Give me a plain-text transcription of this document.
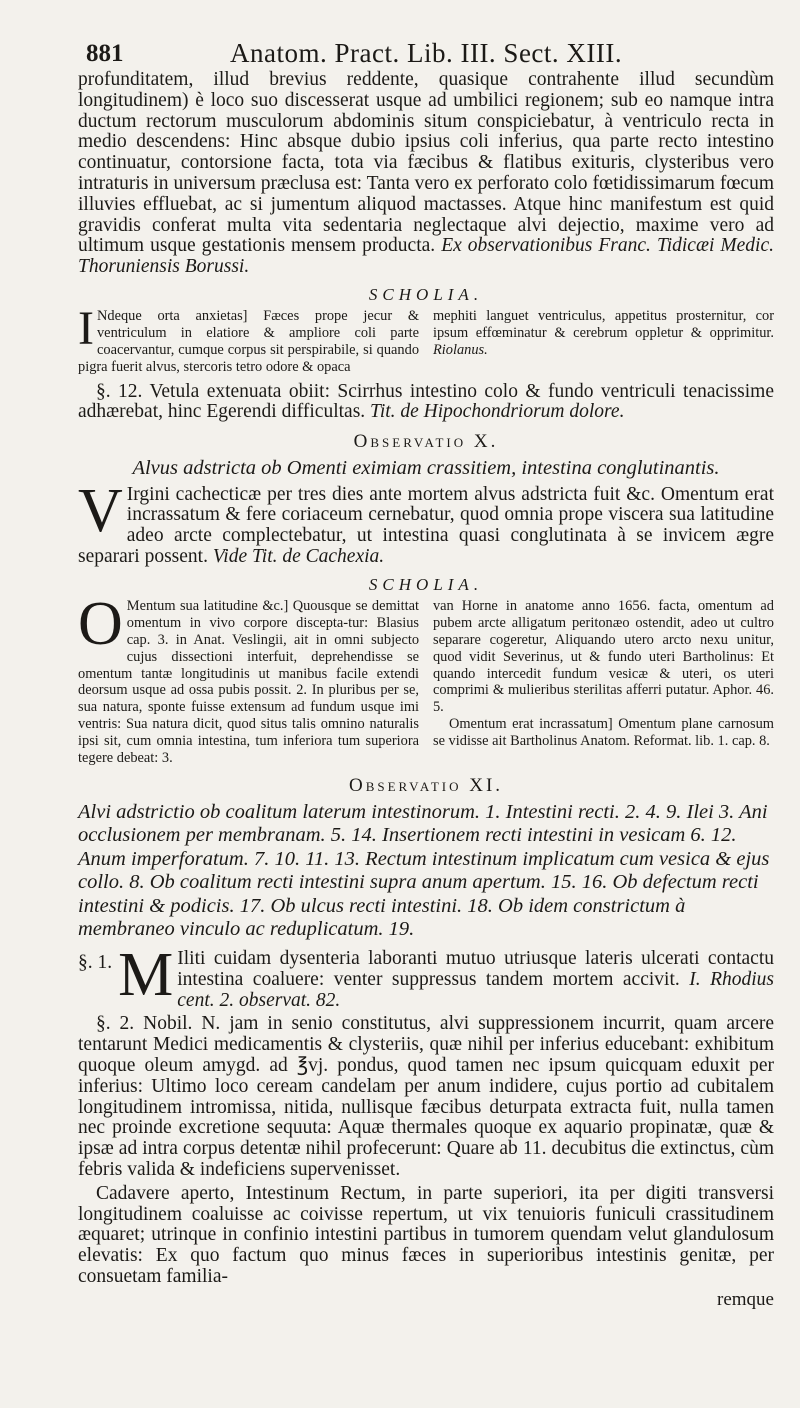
881	Anatom. Pract. Lib. III. Sect. XIII.

profunditatem, illud brevius reddente, quasique contrahente illud secundùm longitudinem) è loco suo discesserat usque ad umbilici regionem; sub eo namque intra ductum rectorum musculorum abdominis situm conspiciebatur, à ventriculo recta in medio descendens: Hinc absque dubio ipsius coli inferius, qua parte recto intestino continuatur, contorsione facta, tota via fæcibus & flatibus exituris, clysteribus vero intraturis in universum præclusa est: Tanta vero ex perforato colo fœtidissimarum fœcum illuvies effluebat, ac si jumentum aliquod mactasses. Atque hinc manifestum est quid gravidis conferat multa vita sedentaria neglectaque alvi dejectio, maxime vero ad ultimum usque gestationis mensem producta. Ex observationibus Franc. Tidicæi Medic. Thoruniensis Borussi.

SCHOLIA.
I Ndeque orta anxietas] Fæces prope jecur & ventriculum in elatiore & ampliore coli parte coacervantur, cumque corpus sit perspirabile, si quando pigra fuerit alvus, stercoris tetro odore & opaca
mephiti languet ventriculus, appetitus prosternitur, cor ipsum effœminatur & cerebrum oppletur & opprimitur. Riolanus.

§. 12. Vetula extenuata obiit: Scirrhus intestino colo & fundo ventriculi tenacissime adhærebat, hinc Egerendi difficultas. Tit. de Hipochondriorum dolore.

Observatio X.
Alvus adstricta ob Omenti eximiam crassitiem, intestina conglutinantis.

V Irgini cachecticæ per tres dies ante mortem alvus adstricta fuit &c. Omentum erat incrassatum & fere coriaceum cernebatur, quod omnia prope viscera sua latitudine adeo arcte complectebatur, ut intestina quasi conglutinata à se invicem ægre separari possent. Vide Tit. de Cachexia.

SCHOLIA.
O Mentum sua latitudine &c.] Quousque se demittat omentum in vivo corpore discepta-tur: Blasius cap. 3. in Anat. Veslingii, ait in omni subjecto cujus dissectioni interfuit, deprehendisse se omentum tantæ longitudinis ut manibus facile extendi deorsum usque ad ossa pubis possit. 2. In pluribus per se, sua natura, sponte fuisse extensum ad fundum usque imi ventris: Sua natura dicit, quod situs talis omnino naturalis ipsi sit, cum omnia intestina, tum inferiora tum superiora tegere debeat: 3.
van Horne in anatome anno 1656. facta, omentum ad pubem arcte alligatum peritonæo ostendit, adeo ut cultro separare cogeretur, Aliquando utero arcto nexu unitur, quod vidit Severinus, ut & fundo uteri Bartholinus: Et quando intercedit fundum vesicæ & uteri, os uteri comprimi & mulieribus sterilitas afferri putatur. Aphor. 46. 5.
Omentum erat incrassatum] Omentum plane carnosum se vidisse ait Bartholinus Anatom. Reformat. lib. 1. cap. 8.
Observatio XI.
Alvi adstrictio ob coalitum laterum intestinorum. 1. Intestini recti. 2. 4. 9. Ilei 3. Ani occlusionem per membranam. 5. 14. Insertionem recti intestini in vesicam 6. 12. Anum imperforatum. 7. 10. 11. 13. Rectum intestinum implicatum cum vesica & ejus collo. 8. Ob coalitum recti intestini supra anum apertum. 15. 16. Ob defectum recti intestini & podicis. 17. Ob ulcus recti intestini. 18. Ob idem constrictum à membraneo vinculo ac reduplicatum. 19.

§. 1. M Iliti cuidam dysenteria laboranti mutuo utriusque lateris ulcerati contactu intestina coaluere: venter suppressus tandem mortem accivit. I. Rhodius cent. 2. observat. 82.

§. 2. Nobil. N. jam in senio constitutus, alvi suppressionem incurrit, quam arcere tentarunt Medici medicamentis & clysteriis, quæ nihil per inferius educebant: exhibitum quoque oleum amygd. ad ℥vj. pondus, quod tamen nec ipsum quicquam eduxit per inferius: Ultimo loco ceream candelam per anum indidere, cujus portio ad cubitalem longitudinem intromissa, nitida, nullisque fæcibus deturpata extracta fuit, nulla tamen nec proinde excretione sequuta: Aquæ thermales quoque ex aquario propinatæ, quæ & ipsæ ad intra corpus detentæ nihil profecerunt: Quare ab 11. decubitus die extinctus, cùm febris valida & indeficiens supervenisset.

Cadavere aperto, Intestinum Rectum, in parte superiori, ita per digiti transversi longitudinem coaluisse ac coivisse repertum, ut vix tenuioris funiculi crassitudinem æquaret; utrinque in confinio intestini partibus in tumorem quendam velut glandulosum elevatis: Ex quo factum quo minus fæces in superioribus intestinis genitæ, per consuetam familia-

remque
